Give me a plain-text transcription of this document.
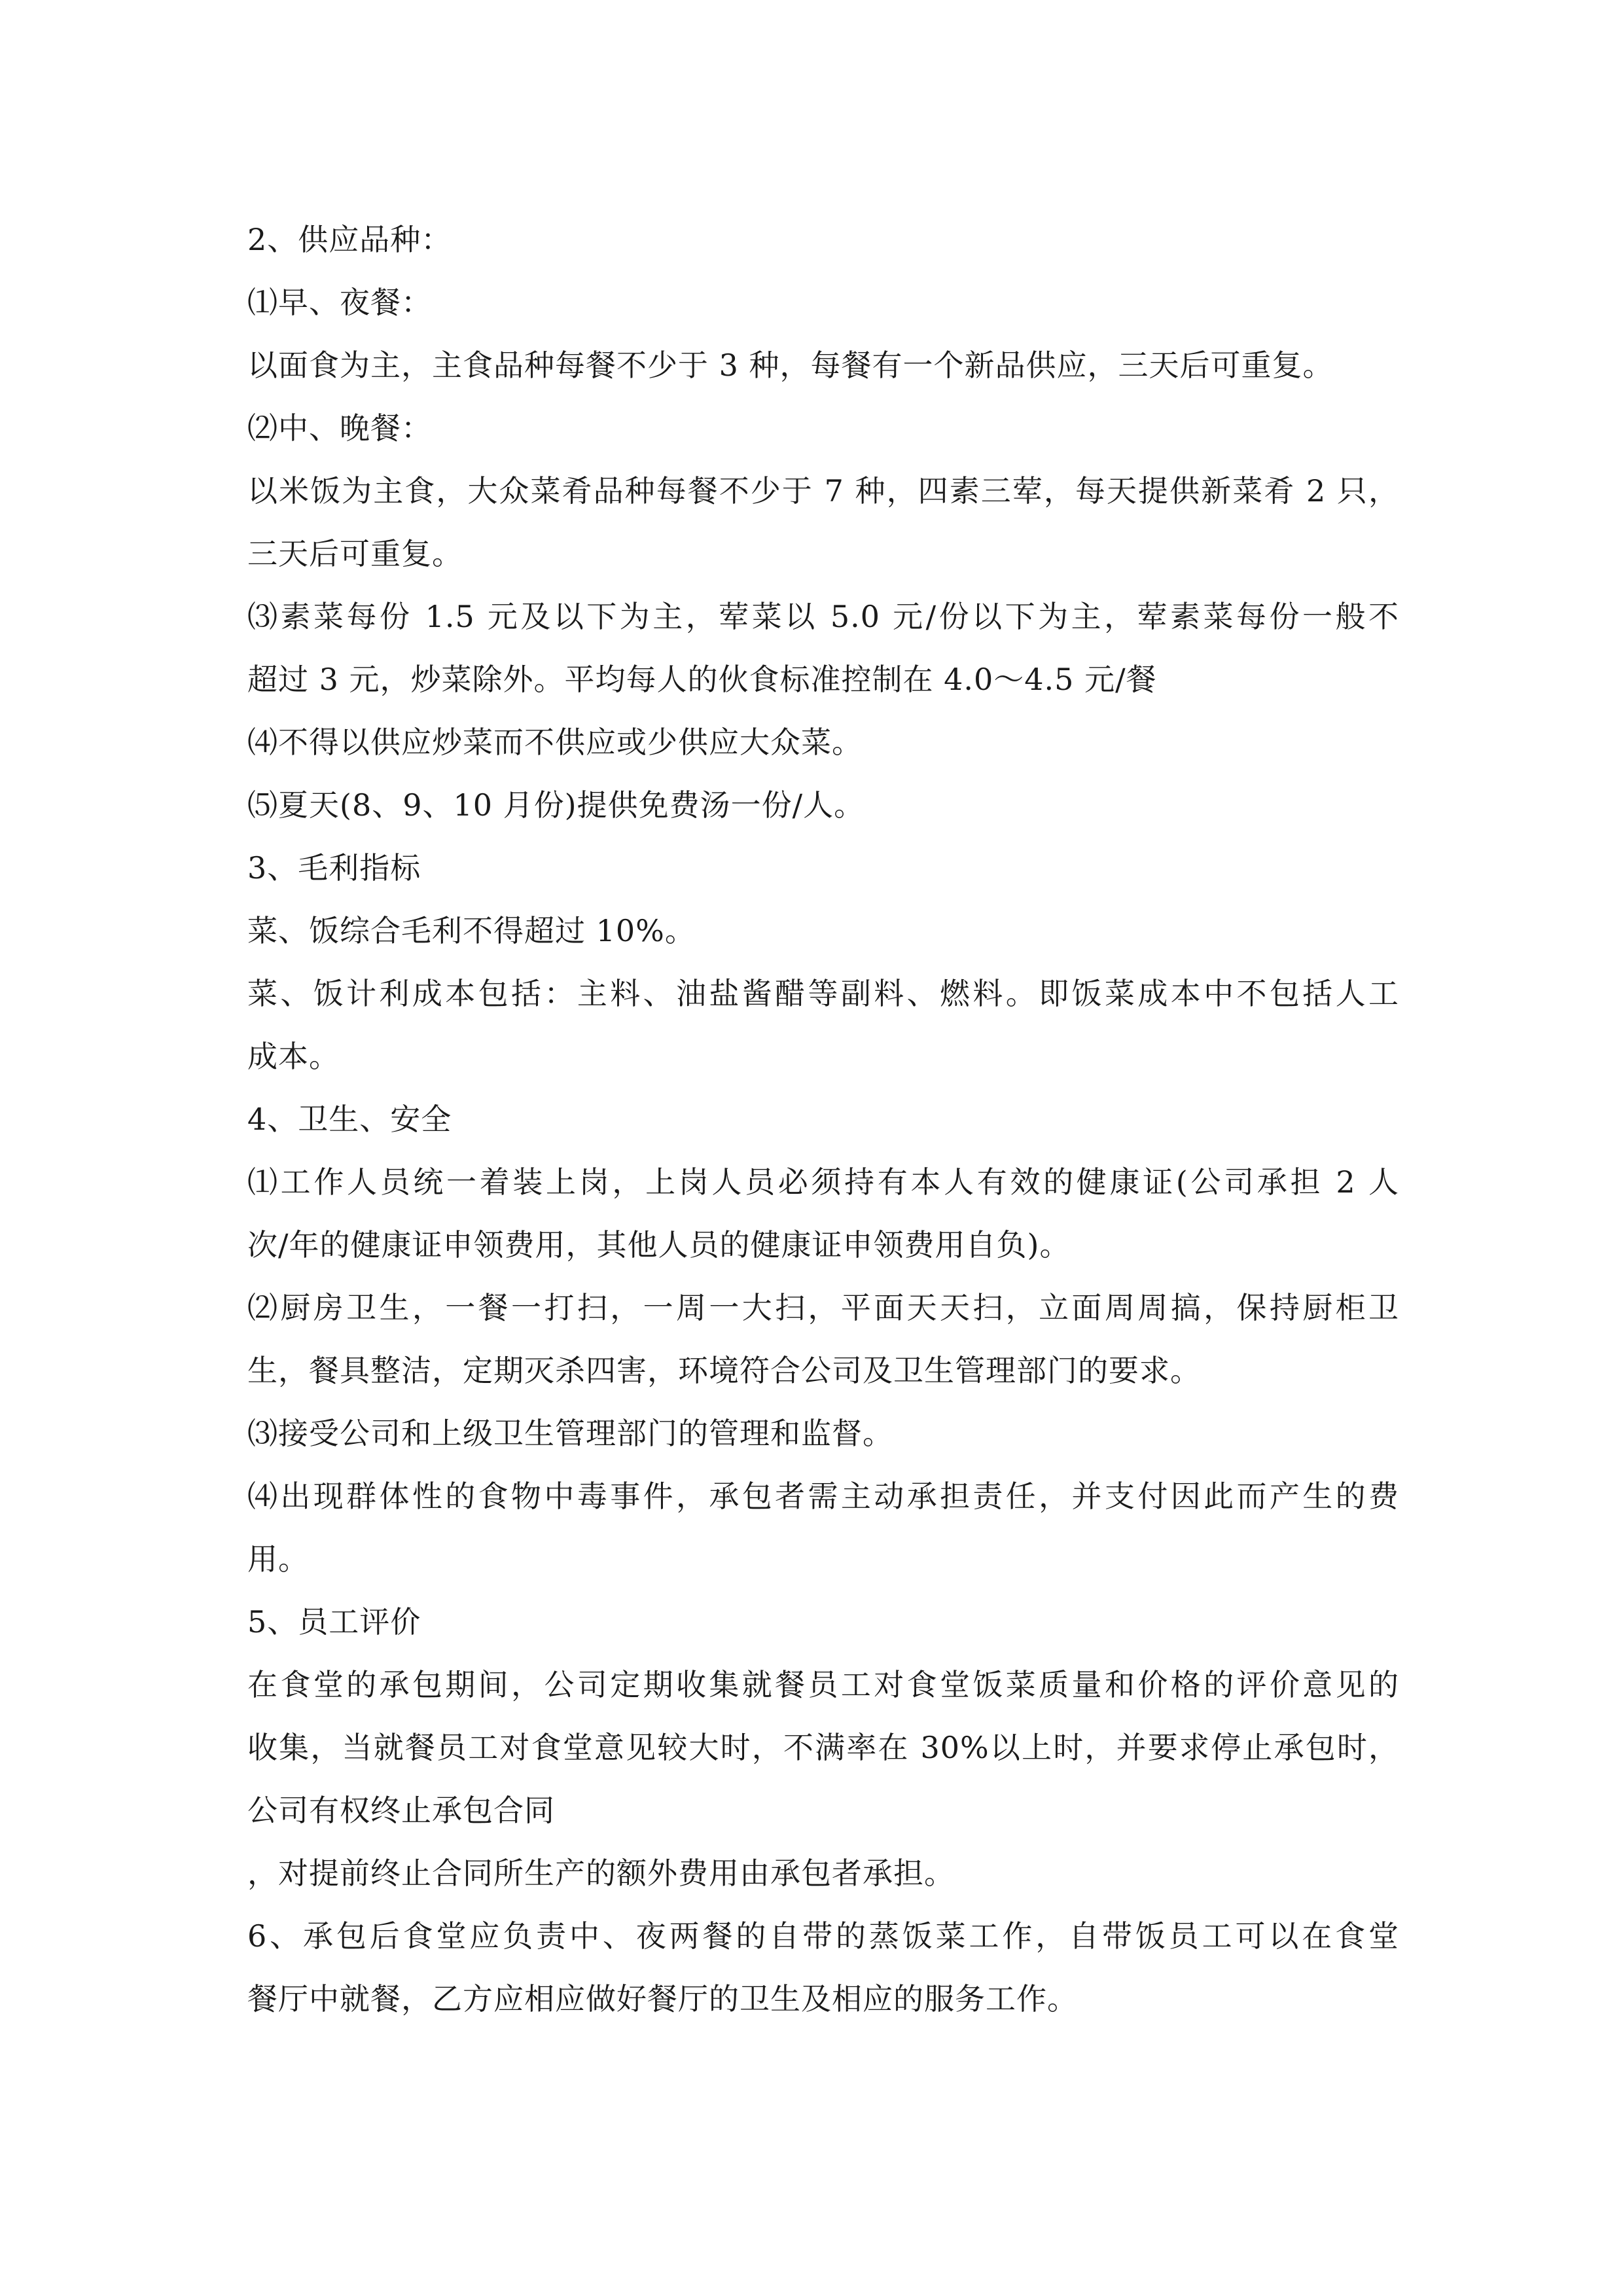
2、供应品种：
⑴早、夜餐：
以面食为主，主食品种每餐不少于 3 种，每餐有一个新品供应，三天后可重复。
⑵中、晚餐：
以米饭为主食，大众菜肴品种每餐不少于 7 种，四素三荤，每天提供新菜肴 2 只，
三天后可重复。
⑶素菜每份 1.5 元及以下为主，荤菜以 5.0 元/份以下为主，荤素菜每份一般不
超过 3 元，炒菜除外。平均每人的伙食标准控制在 4.0～4.5 元/餐
⑷不得以供应炒菜而不供应或少供应大众菜。
⑸夏天(8、9、10 月份)提供免费汤一份/人。
3、毛利指标
菜、饭综合毛利不得超过 10%。
菜、饭计利成本包括：主料、油盐酱醋等副料、燃料。即饭菜成本中不包括人工
成本。
4、卫生、安全
⑴工作人员统一着装上岗，上岗人员必须持有本人有效的健康证(公司承担 2 人
次/年的健康证申领费用，其他人员的健康证申领费用自负)。
⑵厨房卫生，一餐一打扫，一周一大扫，平面天天扫，立面周周搞，保持厨柜卫
生，餐具整洁，定期灭杀四害，环境符合公司及卫生管理部门的要求。
⑶接受公司和上级卫生管理部门的管理和监督。
⑷出现群体性的食物中毒事件，承包者需主动承担责任，并支付因此而产生的费
用。
5、员工评价
在食堂的承包期间，公司定期收集就餐员工对食堂饭菜质量和价格的评价意见的
收集，当就餐员工对食堂意见较大时，不满率在 30%以上时，并要求停止承包时，
公司有权终止承包合同
，对提前终止合同所生产的额外费用由承包者承担。
6、承包后食堂应负责中、夜两餐的自带的蒸饭菜工作，自带饭员工可以在食堂
餐厅中就餐，乙方应相应做好餐厅的卫生及相应的服务工作。
